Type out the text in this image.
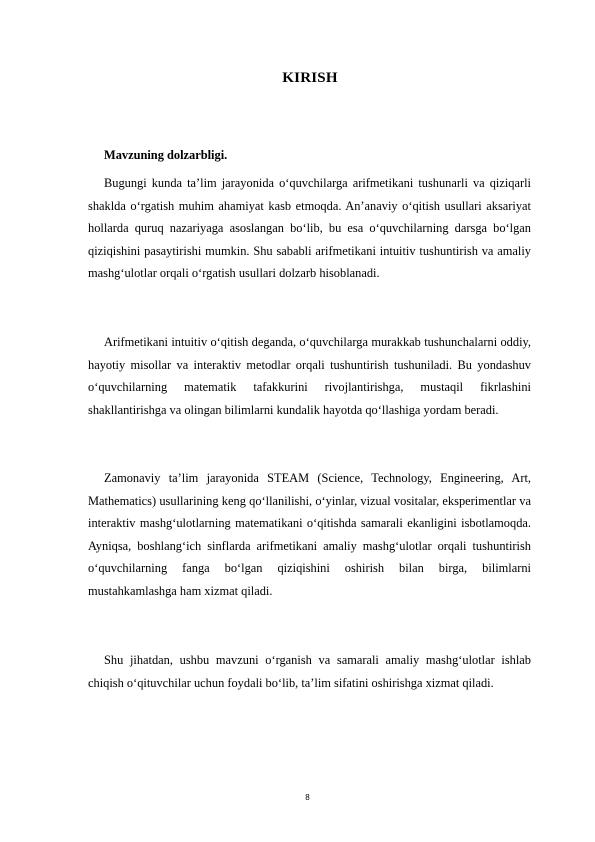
KIRISH
Mavzuning dolzarbligi.

Bugungi kunda ta’lim jarayonida o‘quvchilarga arifmetikani tushunarli va qiziqarli shaklda o‘rgatish muhim ahamiyat kasb etmoqda. An’anaviy o‘qitish usullari aksariyat hollarda quruq nazariyaga asoslangan bo‘lib, bu esa o‘quvchilarning darsga bo‘lgan qiziqishini pasaytirishi mumkin. Shu sababli arifmetikani intuitiv tushuntirish va amaliy mashg‘ulotlar orqali o‘rgatish usullari dolzarb hisoblanadi.

Arifmetikani intuitiv o‘qitish deganda, o‘quvchilarga murakkab tushunchalarni oddiy, hayotiy misollar va interaktiv metodlar orqali tushuntirish tushuniladi. Bu yondashuv o‘quvchilarning matematik tafakkurini rivojlantirishga, mustaqil fikrlashini shakllantirishga va olingan bilimlarni kundalik hayotda qo‘llashiga yordam beradi.

Zamonaviy ta’lim jarayonida STEAM (Science, Technology, Engineering, Art, Mathematics) usullarining keng qo‘llanilishi, o‘yinlar, vizual vositalar, eksperimentlar va interaktiv mashg‘ulotlarning matematikani o‘qitishda samarali ekanligini isbotlamoqda. Ayniqsa, boshlang‘ich sinflarda arifmetikani amaliy mashg‘ulotlar orqali tushuntirish o‘quvchilarning fanga bo‘lgan qiziqishini oshirish bilan birga, bilimlarni mustahkamlashga ham xizmat qiladi.

Shu jihatdan, ushbu mavzuni o‘rganish va samarali amaliy mashg‘ulotlar ishlab chiqish o‘qituvchilar uchun foydali bo‘lib, ta’lim sifatini oshirishga xizmat qiladi.

8
